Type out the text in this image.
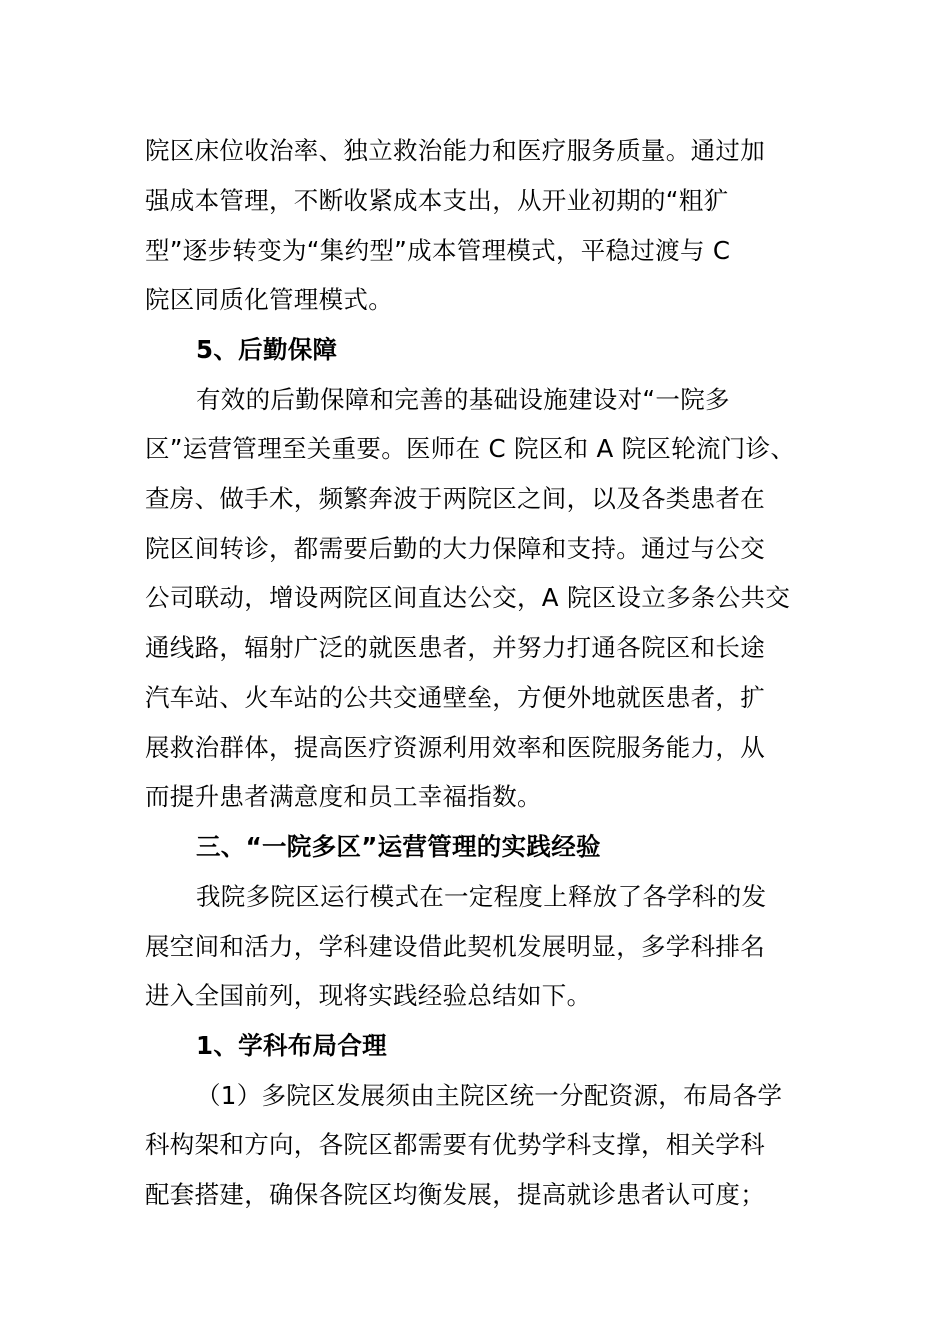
院区床位收治率、独立救治能力和医疗服务质量。通过加
强成本管理，不断收紧成本支出，从开业初期的“粗犷
型”逐步转变为“集约型”成本管理模式，平稳过渡与 C
院区同质化管理模式。
5、后勤保障
有效的后勤保障和完善的基础设施建设对“一院多
区”运营管理至关重要。医师在 C 院区和 A 院区轮流门诊、
查房、做手术，频繁奔波于两院区之间，以及各类患者在
院区间转诊，都需要后勤的大力保障和支持。通过与公交
公司联动，增设两院区间直达公交，A 院区设立多条公共交
通线路，辐射广泛的就医患者，并努力打通各院区和长途
汽车站、火车站的公共交通壁垒，方便外地就医患者，扩
展救治群体，提高医疗资源利用效率和医院服务能力，从
而提升患者满意度和员工幸福指数。
三、“一院多区”运营管理的实践经验
我院多院区运行模式在一定程度上释放了各学科的发
展空间和活力，学科建设借此契机发展明显，多学科排名
进入全国前列，现将实践经验总结如下。
1、学科布局合理
（1）多院区发展须由主院区统一分配资源，布局各学
科构架和方向，各院区都需要有优势学科支撑，相关学科
配套搭建，确保各院区均衡发展，提高就诊患者认可度；
